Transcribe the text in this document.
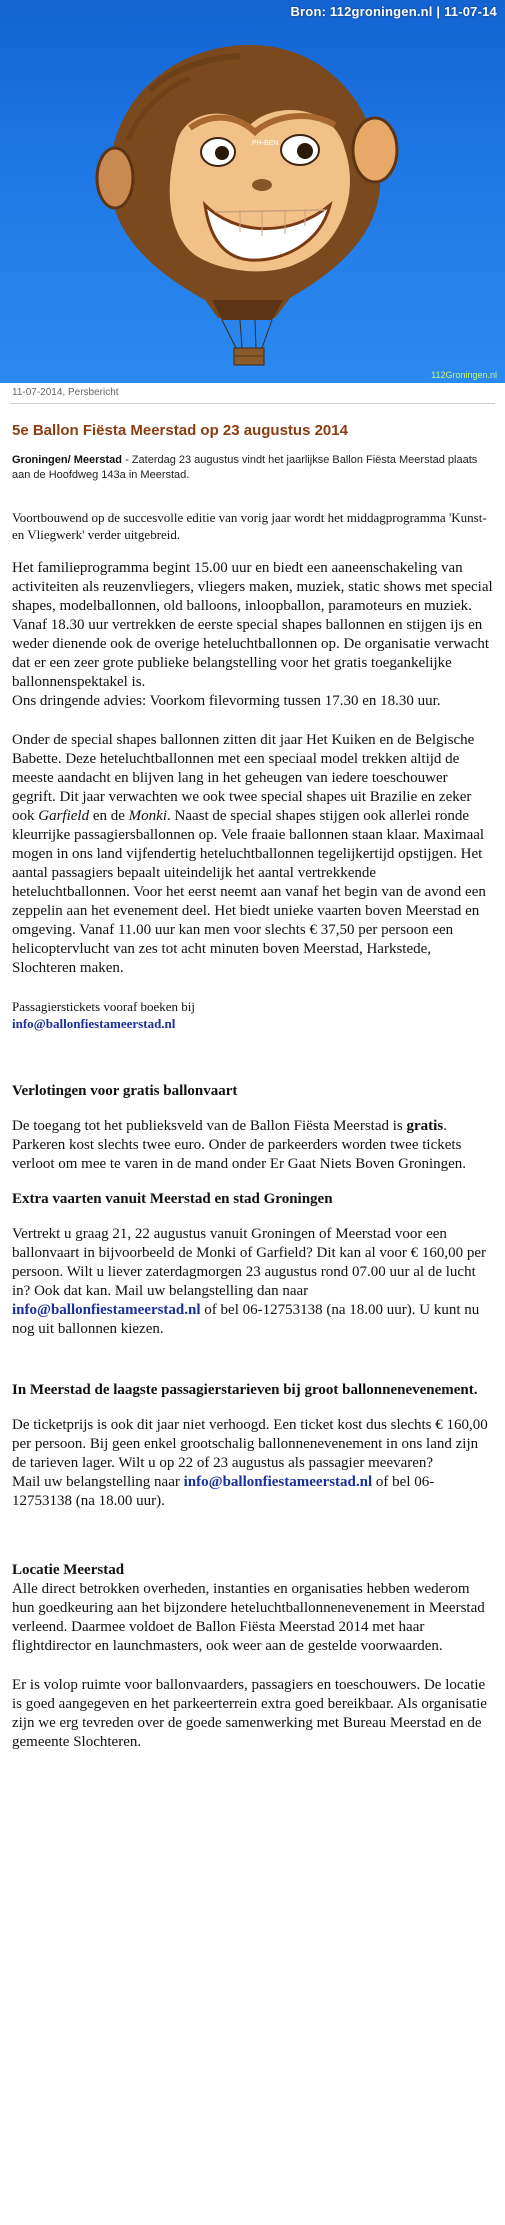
PH-BEN
Bron: 112groningen.nl | 11-07-14
112Groningen.nl
11-07-2014, Persbericht
5e Ballon Fiësta Meerstad op 23 augustus 2014

Groningen/ Meerstad - Zaterdag 23 augustus vindt het jaarlijkse Ballon Fiësta Meerstad plaats aan de Hoofdweg 143a in Meerstad.

Voortbouwend op de succesvolle editie van vorig jaar wordt het middagprogramma 'Kunst- en Vliegwerk' verder uitgebreid.

Het familieprogramma begint 15.00 uur en biedt een aaneenschakeling van activiteiten als reuzenvliegers, vliegers maken, muziek, static shows met special shapes, modelballonnen, old balloons, inloopballon, paramoteurs en muziek. Vanaf 18.30 uur vertrekken de eerste special shapes ballonnen en stijgen ijs en weder dienende ook de overige heteluchtballonnen op. De organisatie verwacht dat er een zeer grote publieke belangstelling voor het gratis toegankelijke ballonnenspektakel is.

Ons dringende advies: Voorkom filevorming tussen 17.30 en 18.30 uur.

Onder de special shapes ballonnen zitten dit jaar Het Kuiken en de Belgische Babette. Deze heteluchtballonnen met een speciaal model trekken altijd de meeste aandacht en blijven lang in het geheugen van iedere toeschouwer gegrift. Dit jaar verwachten we ook twee special shapes uit Brazilie en zeker ook Garfield en de Monki. Naast de special shapes stijgen ook allerlei ronde kleurrijke passagiersballonnen op. Vele fraaie ballonnen staan klaar. Maximaal mogen in ons land vijfendertig heteluchtballonnen tegelijkertijd opstijgen. Het aantal passagiers bepaalt uiteindelijk het aantal vertrekkende heteluchtballonnen. Voor het eerst neemt aan vanaf het begin van de avond een zeppelin aan het evenement deel. Het biedt unieke vaarten boven Meerstad en omgeving. Vanaf 11.00 uur kan men voor slechts € 37,50 per persoon een helicoptervlucht van zes tot acht minuten boven Meerstad, Harkstede, Slochteren maken.

Passagierstickets vooraf boeken bij

info@ballonfiestameerstad.nl

Verlotingen voor gratis ballonvaart

De toegang tot het publieksveld van de Ballon Fiësta Meerstad is gratis. Parkeren kost slechts twee euro. Onder de parkeerders worden twee tickets verloot om mee te varen in de mand onder Er Gaat Niets Boven Groningen.

Extra vaarten vanuit Meerstad en stad Groningen

Vertrekt u graag 21, 22 augustus vanuit Groningen of Meerstad voor een ballonvaart in bijvoorbeeld de Monki of Garfield? Dit kan al voor € 160,00 per persoon. Wilt u liever zaterdagmorgen 23 augustus rond 07.00 uur al de lucht in? Ook dat kan. Mail uw belangstelling dan naar info@ballonfiestameerstad.nl of bel 06-12753138 (na 18.00 uur). U kunt nu nog uit ballonnen kiezen.

In Meerstad de laagste passagierstarieven bij groot ballonnenevenement.

De ticketprijs is ook dit jaar niet verhoogd. Een ticket kost dus slechts € 160,00 per persoon. Bij geen enkel grootschalig ballonnenevenement in ons land zijn de tarieven lager. Wilt u op 22 of 23 augustus als passagier meevaren?

Mail uw belangstelling naar info@ballonfiestameerstad.nl of bel 06-12753138 (na 18.00 uur).

Locatie Meerstad

Alle direct betrokken overheden, instanties en organisaties hebben wederom hun goedkeuring aan het bijzondere heteluchtballonnenevenement in Meerstad verleend. Daarmee voldoet de Ballon Fiësta Meerstad 2014 met haar flightdirector en launchmasters, ook weer aan de gestelde voorwaarden.

Er is volop ruimte voor ballonvaarders, passagiers en toeschouwers. De locatie is goed aangegeven en het parkeerterrein extra goed bereikbaar. Als organisatie zijn we erg tevreden over de goede samenwerking met Bureau Meerstad en de gemeente Slochteren.
